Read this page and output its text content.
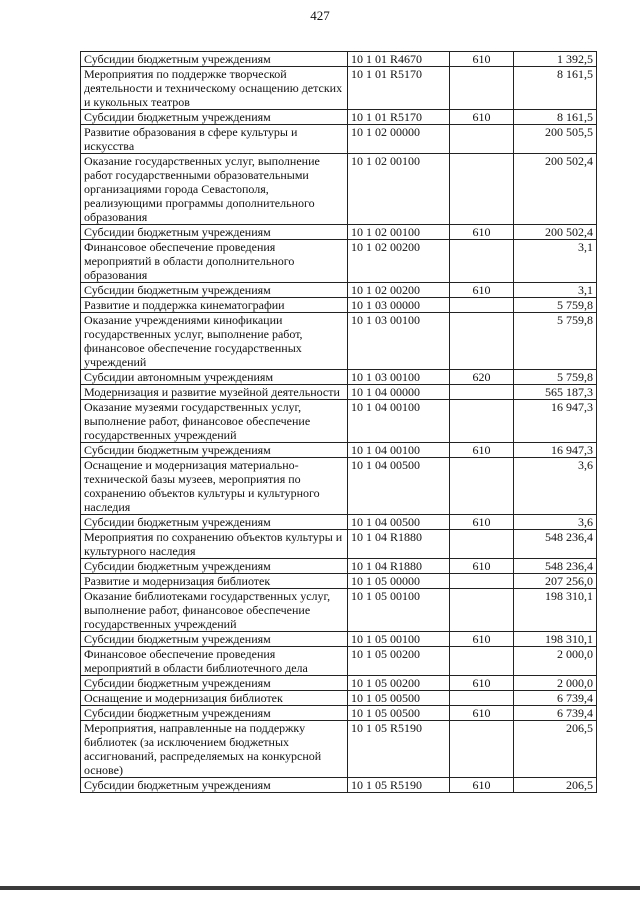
427
Субсидии бюджетным учреждениям	10 1 01 R4670	610	1 392,5
Мероприятия по поддержке творческой деятельности и техническому оснащению детских и кукольных театров	10 1 01 R5170		8 161,5
Субсидии бюджетным учреждениям	10 1 01 R5170	610	8 161,5
Развитие образования в сфере культуры и искусства	10 1 02 00000		200 505,5
Оказание государственных услуг, выполнение работ государственными образовательными организациями города Севастополя, реализующими программы дополнительного образования	10 1 02 00100		200 502,4
Субсидии бюджетным учреждениям	10 1 02 00100	610	200 502,4
Финансовое обеспечение проведения мероприятий в области дополнительного образования	10 1 02 00200		3,1
Субсидии бюджетным учреждениям	10 1 02 00200	610	3,1
Развитие и поддержка кинематографии	10 1 03 00000		5 759,8
Оказание учреждениями кинофикации государственных услуг, выполнение работ, финансовое обеспечение государственных учреждений	10 1 03 00100		5 759,8
Субсидии автономным учреждениям	10 1 03 00100	620	5 759,8
Модернизация и развитие музейной деятельности	10 1 04 00000		565 187,3
Оказание музеями государственных услуг, выполнение работ, финансовое обеспечение государственных учреждений	10 1 04 00100		16 947,3
Субсидии бюджетным учреждениям	10 1 04 00100	610	16 947,3
Оснащение и модернизация материально-технической базы музеев, мероприятия по сохранению объектов культуры и культурного наследия	10 1 04 00500		3,6
Субсидии бюджетным учреждениям	10 1 04 00500	610	3,6
Мероприятия по сохранению объектов культуры и культурного наследия	10 1 04 R1880		548 236,4
Субсидии бюджетным учреждениям	10 1 04 R1880	610	548 236,4
Развитие и модернизация библиотек	10 1 05 00000		207 256,0
Оказание библиотеками государственных услуг, выполнение работ, финансовое обеспечение государственных учреждений	10 1 05 00100		198 310,1
Субсидии бюджетным учреждениям	10 1 05 00100	610	198 310,1
Финансовое обеспечение проведения мероприятий в области библиотечного дела	10 1 05 00200		2 000,0
Субсидии бюджетным учреждениям	10 1 05 00200	610	2 000,0
Оснащение и модернизация библиотек	10 1 05 00500		6 739,4
Субсидии бюджетным учреждениям	10 1 05 00500	610	6 739,4
Мероприятия, направленные на поддержку библиотек (за исключением бюджетных ассигнований, распределяемых на конкурсной основе)	10 1 05 R5190		206,5
Субсидии бюджетным учреждениям	10 1 05 R5190	610	206,5
